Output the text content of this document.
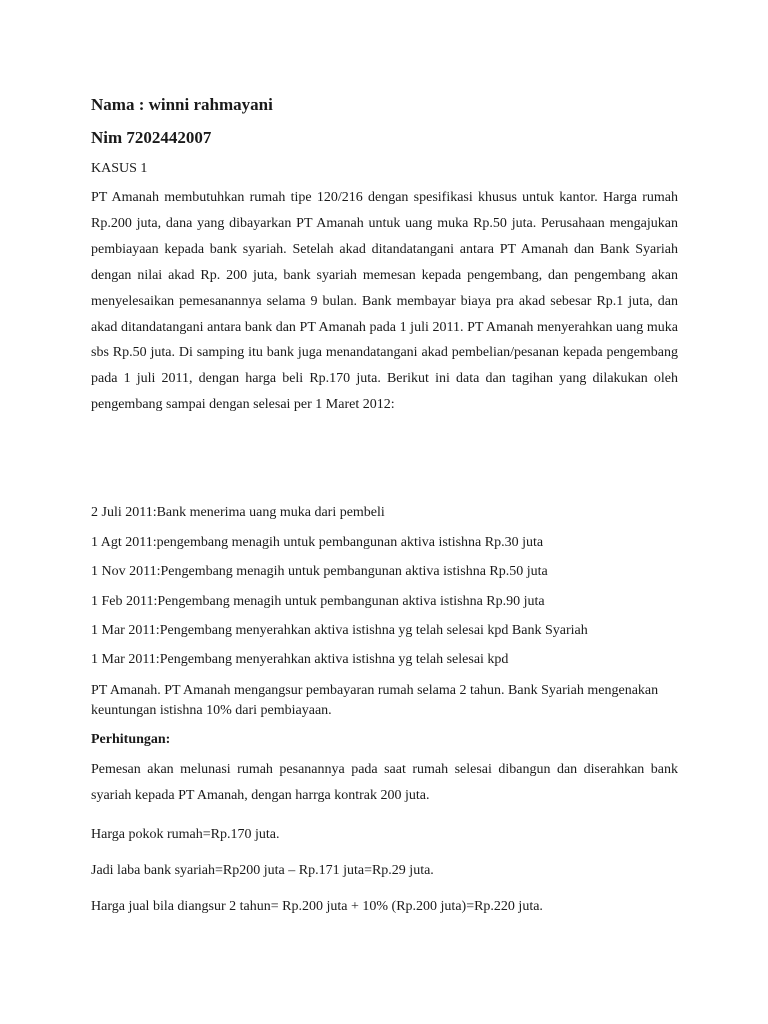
Nama : winni rahmayani

Nim 7202442007

KASUS 1

PT Amanah membutuhkan rumah tipe 120/216 dengan spesifikasi khusus untuk kantor. Harga rumah Rp.200 juta, dana yang dibayarkan PT Amanah untuk uang muka Rp.50 juta. Perusahaan mengajukan pembiayaan kepada bank syariah. Setelah akad ditandatangani antara PT Amanah dan Bank Syariah dengan nilai akad Rp. 200 juta, bank syariah memesan kepada pengembang, dan pengembang akan menyelesaikan pemesanannya selama 9 bulan. Bank membayar biaya pra akad sebesar Rp.1 juta, dan akad ditandatangani antara bank dan PT Amanah pada 1 juli 2011. PT Amanah menyerahkan uang muka sbs Rp.50 juta. Di samping itu bank juga menandatangani akad pembelian/pesanan kepada pengembang pada 1 juli 2011, dengan harga beli Rp.170 juta. Berikut ini data dan tagihan yang dilakukan oleh pengembang sampai dengan selesai per 1 Maret 2012:

2 Juli 2011:Bank menerima uang muka dari pembeli

1 Agt 2011:pengembang menagih untuk pembangunan aktiva istishna Rp.30 juta

1 Nov 2011:Pengembang menagih untuk pembangunan aktiva istishna Rp.50 juta

1 Feb 2011:Pengembang menagih untuk pembangunan aktiva istishna Rp.90 juta

1 Mar 2011:Pengembang menyerahkan aktiva istishna yg telah selesai kpd Bank Syariah

1 Mar 2011:Pengembang menyerahkan aktiva istishna yg telah selesai kpd

PT Amanah. PT Amanah mengangsur pembayaran rumah selama 2 tahun. Bank Syariah mengenakan keuntungan istishna 10% dari pembiayaan.

Perhitungan:

Pemesan akan melunasi rumah pesanannya pada saat rumah selesai dibangun dan diserahkan bank syariah kepada PT Amanah, dengan harrga kontrak 200 juta.

Harga pokok rumah=Rp.170 juta.

Jadi laba bank syariah=Rp200 juta – Rp.171 juta=Rp.29 juta.

Harga jual bila diangsur 2 tahun= Rp.200 juta + 10% (Rp.200 juta)=Rp.220 juta.
